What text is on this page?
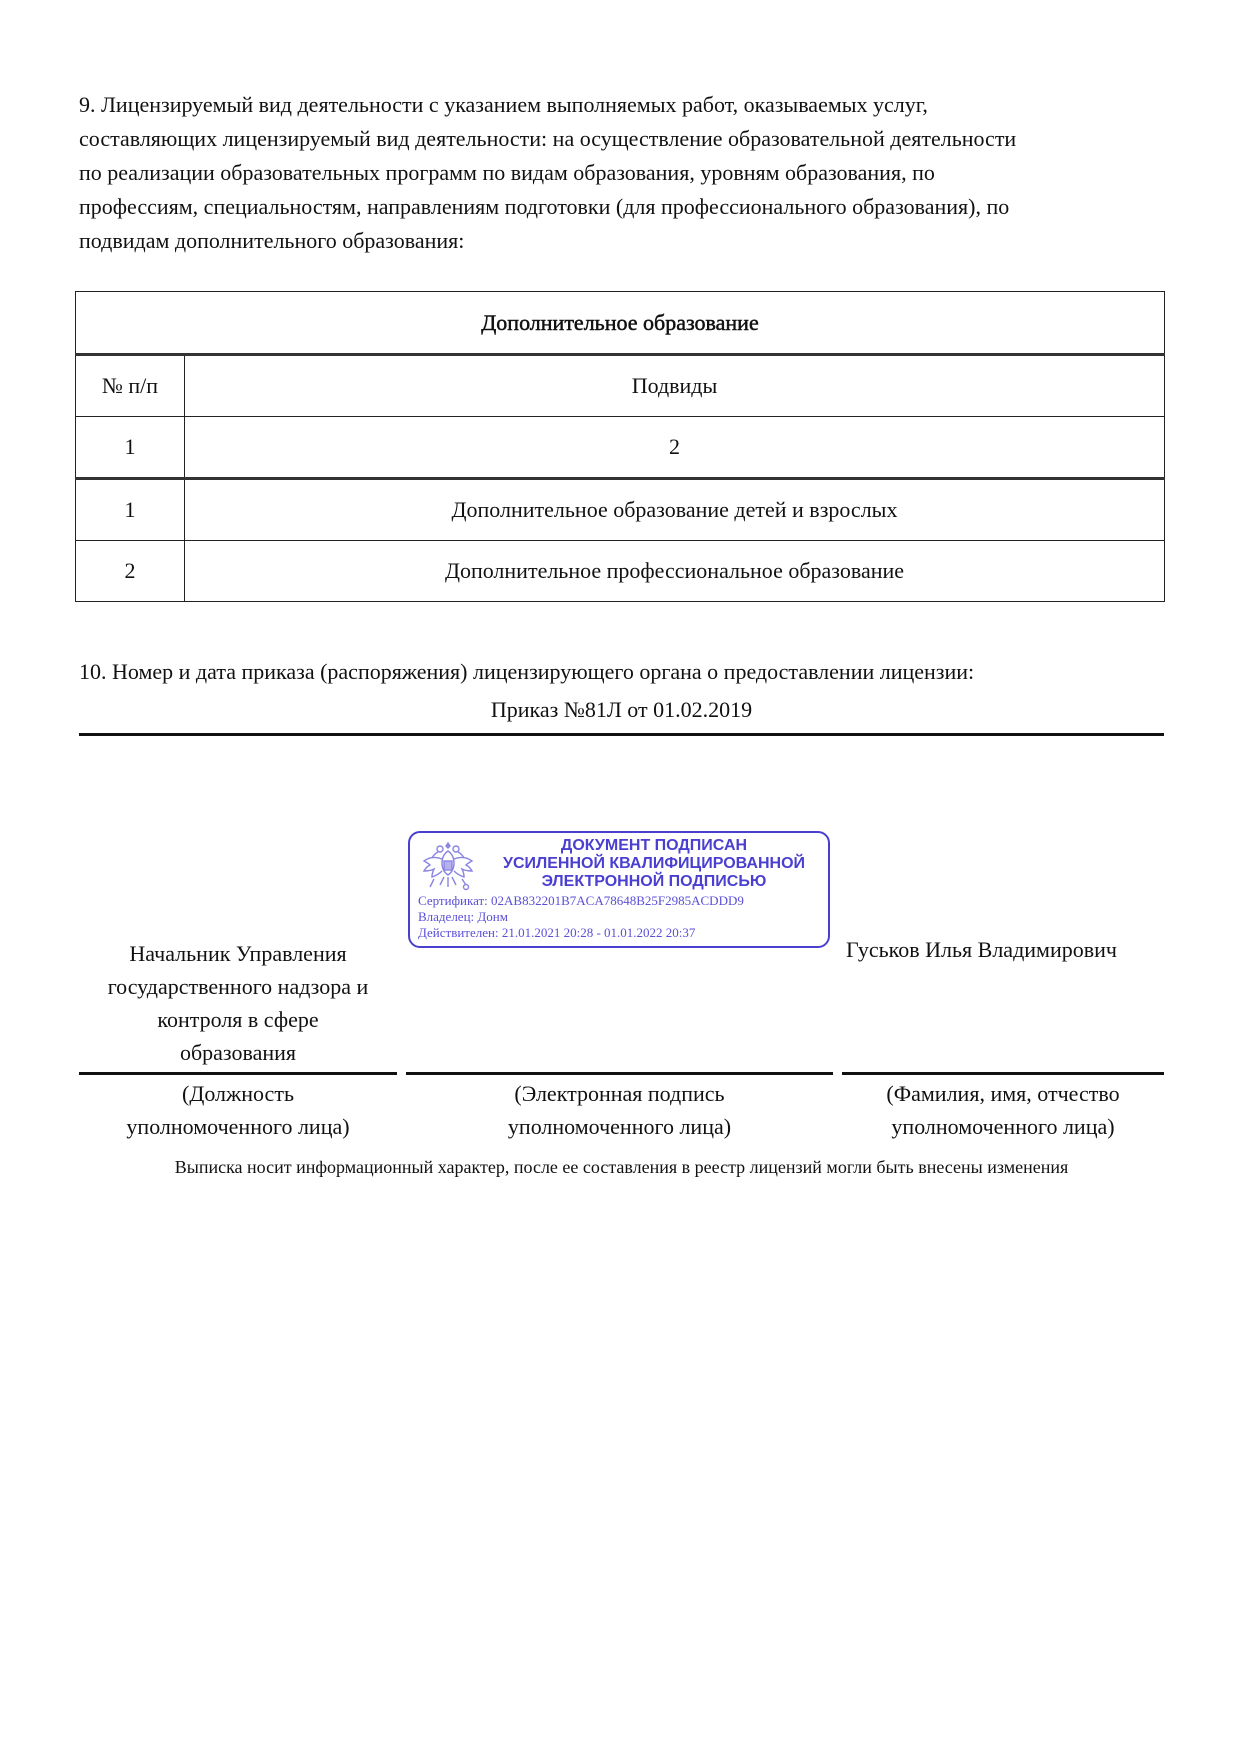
9. Лицензируемый вид деятельности с указанием выполняемых работ, оказываемых услуг,
составляющих лицензируемый вид деятельности: на осуществление образовательной деятельности
по реализации образовательных программ по видам образования, уровням образования, по
профессиям, специальностям, направлениям подготовки (для профессионального образования), по
подвидам дополнительного образования:
Дополнительное образование	
№ п/п	Подвиды
1	2
1	Дополнительное образование детей и взрослых
2	Дополнительное профессиональное образование
10. Номер и дата приказа (распоряжения) лицензирующего органа о предоставлении лицензии:
Приказ №81Л от 01.02.2019
ДОКУМЕНТ ПОДПИСАН
УСИЛЕННОЙ КВАЛИФИЦИРОВАННОЙ
ЭЛЕКТРОННОЙ ПОДПИСЬЮ
Сертификат: 02AB832201B7ACA78648B25F2985ACDDD9
Владелец: Донм
Действителен: 21.01.2021 20:28 - 01.01.2022 20:37
Начальник Управления
государственного надзора и
контроля в сфере
образования
Гуськов Илья Владимирович
(Должность
уполномоченного лица)
(Электронная подпись
уполномоченного лица)
(Фамилия, имя, отчество
уполномоченного лица)
Выписка носит информационный характер, после ее составления в реестр лицензий могли быть внесены изменения
